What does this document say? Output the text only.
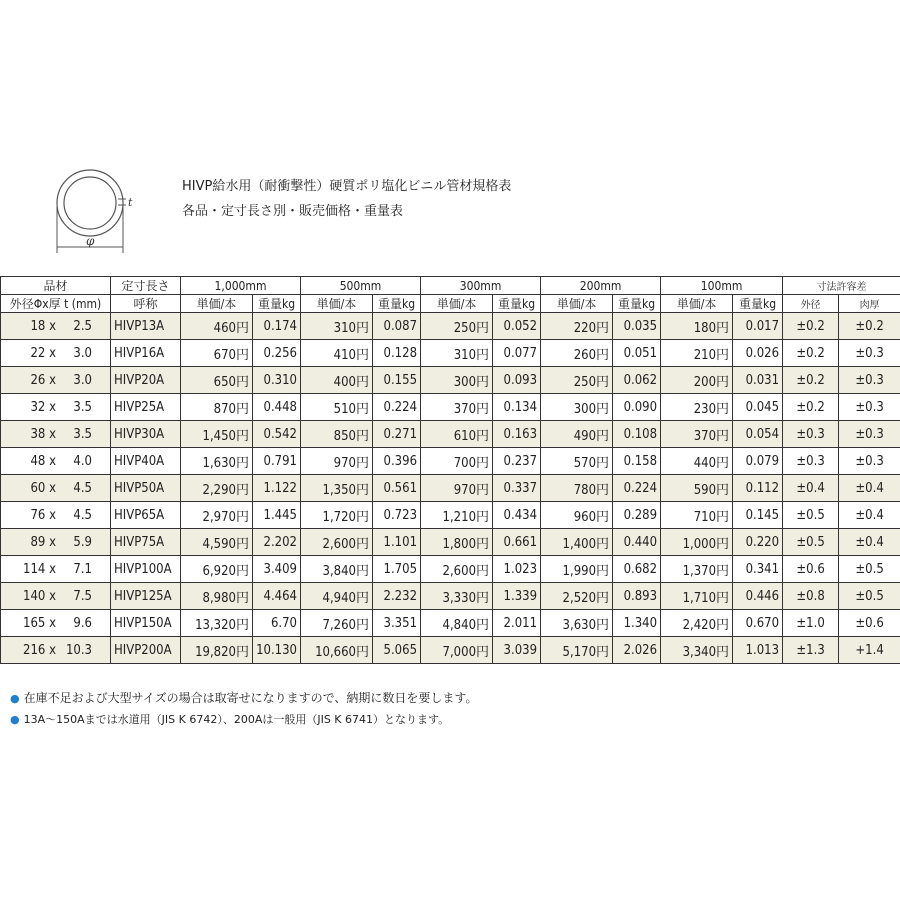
t
φ
HIVP給水用（耐衝撃性）硬質ポリ塩化ビニル管材規格表
各品・定寸長さ別・販売価格・重量表
品材	定寸長さ	1,000mm		500mm		300mm		200mm		100mm		寸法許容差	
外径Φx厚 t (mm)	呼称	単価/本	重量kg	単価/本	重量kg	単価/本	重量kg	単価/本	重量kg	単価/本	重量kg	外径	肉厚
18 x 2.5	HIVP13A	460円	0.174	310円	0.087	250円	0.052	220円	0.035	180円	0.017	±0.2	±0.2
22 x 3.0	HIVP16A	670円	0.256	410円	0.128	310円	0.077	260円	0.051	210円	0.026	±0.2	±0.3
26 x 3.0	HIVP20A	650円	0.310	400円	0.155	300円	0.093	250円	0.062	200円	0.031	±0.2	±0.3
32 x 3.5	HIVP25A	870円	0.448	510円	0.224	370円	0.134	300円	0.090	230円	0.045	±0.2	±0.3
38 x 3.5	HIVP30A	1,450円	0.542	850円	0.271	610円	0.163	490円	0.108	370円	0.054	±0.3	±0.3
48 x 4.0	HIVP40A	1,630円	0.791	970円	0.396	700円	0.237	570円	0.158	440円	0.079	±0.3	±0.3
60 x 4.5	HIVP50A	2,290円	1.122	1,350円	0.561	970円	0.337	780円	0.224	590円	0.112	±0.4	±0.4
76 x 4.5	HIVP65A	2,970円	1.445	1,720円	0.723	1,210円	0.434	960円	0.289	710円	0.145	±0.5	±0.4
89 x 5.9	HIVP75A	4,590円	2.202	2,600円	1.101	1,800円	0.661	1,400円	0.440	1,000円	0.220	±0.5	±0.4
114 x 7.1	HIVP100A	6,920円	3.409	3,840円	1.705	2,600円	1.023	1,990円	0.682	1,370円	0.341	±0.6	±0.5
140 x 7.5	HIVP125A	8,980円	4.464	4,940円	2.232	3,330円	1.339	2,520円	0.893	1,710円	0.446	±0.8	±0.5
165 x 9.6	HIVP150A	13,320円	6.70	7,260円	3.351	4,840円	2.011	3,630円	1.340	2,420円	0.670	±1.0	±0.6
216 x 10.3	HIVP200A	19,820円	10.130	10,660円	5.065	7,000円	3.039	5,170円	2.026	3,340円	1.013	±1.3	+1.4
● 在庫不足および大型サイズの場合は取寄せになりますので、納期に数日を要します。
● 13A～150Aまでは水道用（JIS K 6742）、200Aは一般用（JIS K 6741）となります。
